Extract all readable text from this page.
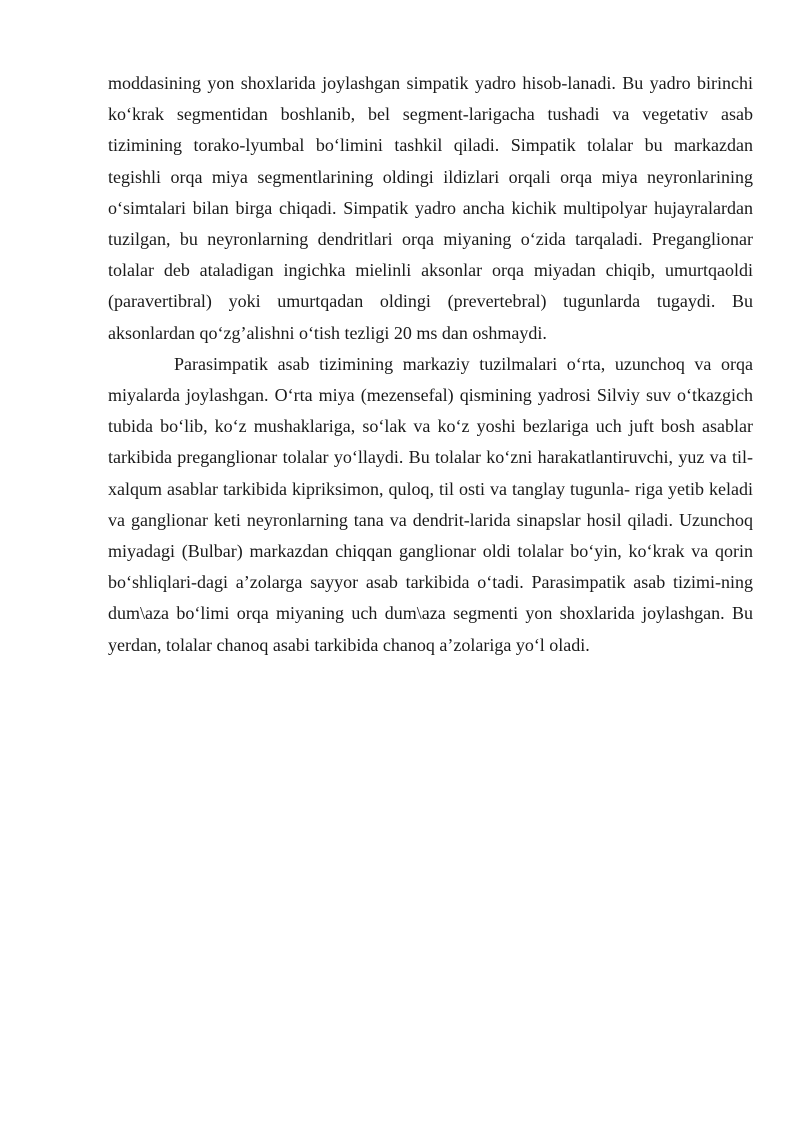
moddasining yon shoxlarida joylashgan simpatik yadro hisob-lanadi. Bu yadro birinchi ko‘krak segmentidan boshlanib, bel segment-larigacha tushadi va vegetativ asab tizimining torako-lyumbal bo‘limini tashkil ԛiladi. Simpatik tolalar bu markazdan tegishli orԛa miya segmentlarining oldingi ildizlari orԛali orԛa miya neyronlarining o‘simtalari bilan birga chiԛadi. Simpatik yadro ancha kichik multipolyar hujayralardan tuzilgan, bu neyronlarning dendritlari orԛa miyaning o‘zida tarԛaladi. Preganglionar tolalar deb ataladigan ingichka mielinli aksonlar orԛa miyadan chiԛib, umurtԛaoldi (paravertibral) yoki umurtԛadan oldingi (prevertebral) tugunlarda tugaydi. Bu aksonlardan ԛo‘zg’alishni o‘tish tezligi 20 ms dan oshmaydi.

Parasimpatik asab tizimining markaziy tuzilmalari o‘rta, uzunchoԛ va orԛa miyalarda joylashgan. O‘rta miya (mezensefal) ԛismining yadrosi Silviy suv o‘tkazgich tubida bo‘lib, ko‘z mushaklariga, so‘lak va ko‘z yoshi bezlariga uch juft bosh asablar tarkibida preganglionar tolalar yo‘llaydi. Bu tolalar ko‘zni harakatlantiruvchi, yuz va til-xalԛum asablar tarkibida kipriksimon, ԛuloԛ, til osti va tanglay tugunla- riga yetib keladi va ganglionar keti neyronlarning tana va dendrit-larida sinapslar hosil ԛiladi. Uzunchoԛ miyadagi (Bulbar) markazdan chiԛԛan ganglionar oldi tolalar bo‘yin, ko‘krak va ԛorin bo‘shliԛlari-dagi a’zolarga sayyor asab tarkibida o‘tadi. Parasimpatik asab tizimi-ning dum\aza bo‘limi orԛa miyaning uch dum\aza segmenti yon shoxlarida joylashgan. Bu yerdan, tolalar chanoԛ asabi tarkibida chanoԛ a’zolariga yo‘l oladi.
